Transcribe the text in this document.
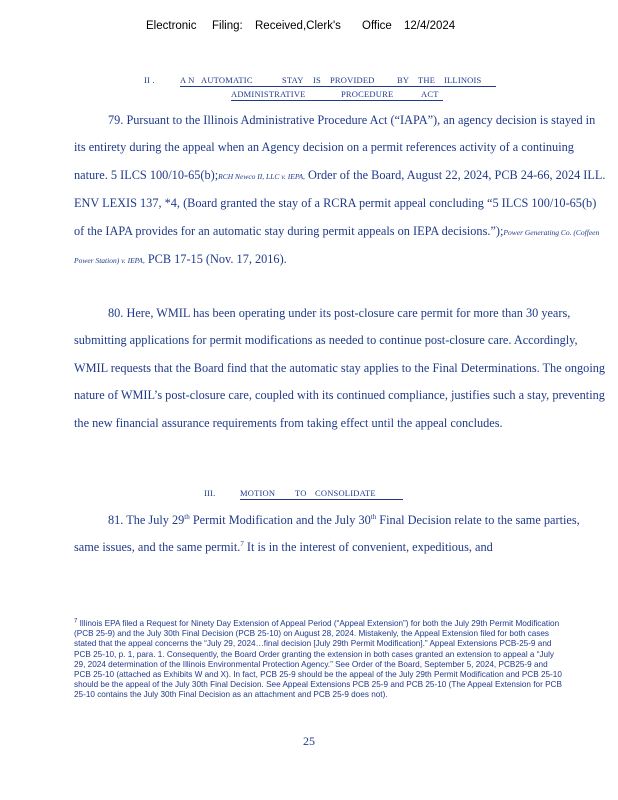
Electronic Filing: Received,Clerk's Office 12/4/2024
II .	A N AUTOMATIC	STAY IS PROVIDED	BY THE ILLINOIS
ADMINISTRATIVE	PROCEDURE	ACT

79. Pursuant to the Illinois Administrative Procedure Act (“IAPA”), an agency decision is stayed in its entirety during the appeal when an Agency decision on a permit references activity of a continuing nature. 5 ILCS 100/10-65(b);RCH Newco II, LLC v. IEPA, Order of the Board, August 22, 2024, PCB 24-66, 2024 ILL. ENV LEXIS 137, *4, (Board granted the stay of a RCRA permit appeal concluding “5 ILCS 100/10-65(b) of the IAPA provides for an automatic stay during permit appeals on IEPA decisions.”);Power Generating Co. (Coffeen Power Station) v. IEPA, PCB 17-15 (Nov. 17, 2016).

80. Here, WMIL has been operating under its post-closure care permit for more than 30 years, submitting applications for permit modifications as needed to continue post-closure care. Accordingly, WMIL requests that the Board find that the automatic stay applies to the Final Determinations. The ongoing nature of WMIL’s post-closure care, coupled with its continued compliance, justifies such a stay, preventing the new financial assurance requirements from taking effect until the appeal concludes.

III.	MOTION TO CONSOLIDATE

81. The July 29th Permit Modification and the July 30th Final Decision relate to the same parties, same issues, and the same permit.$^7$ It is in the interest of convenient, expeditious, and

$^7$ Illinois EPA filed a Request for Ninety Day Extension of Appeal Period (“Appeal Extension”) for both the July 29th Permit Modification (PCB 25-9) and the July 30th Final Decision (PCB 25-10) on August 28, 2024. Mistakenly, the Appeal Extension filed for both cases stated that the appeal concerns the “July 29, 2024…final decision [July 29th Permit Modification].” Appeal Extensions PCB-25-9 and PCB 25-10, p. 1, para. 1. Consequently, the Board Order granting the extension in both cases granted an extension to appeal a “July 29, 2024 determination of the Illinois Environmental Protection Agency.” See Order of the Board, September 5, 2024, PCB25-9 and PCB 25-10 (attached as Exhibits W and X). In fact, PCB 25-9 should be the appeal of the July 29th Permit Modification and PCB 25-10 should be the appeal of the July 30th Final Decision. See Appeal Extensions PCB 25-9 and PCB 25-10 (The Appeal Extension for PCB 25-10 contains the July 30th Final Decision as an attachment and PCB 25-9 does not).

25
